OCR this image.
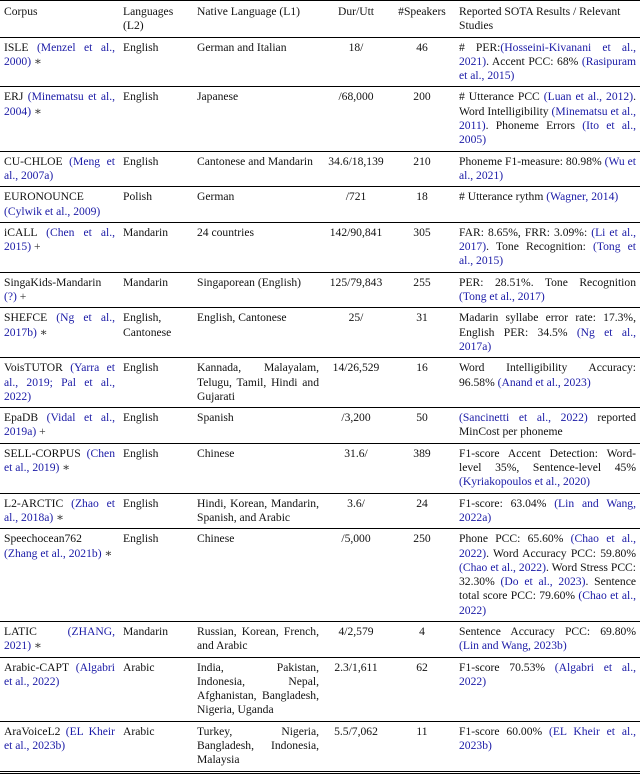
Corpus	Languages (L2)	Native Language (L1)	Dur/Utt	#Speakers	Reported SOTA Results / Relevant Studies
ISLE (Menzel et al., 2000) ∗	English	German and Italian	18/	46	# PER:(Hosseini-Kivanani et al., 2021). Accent PCC: 68% (Rasipuram et al., 2015)
ERJ (Minematsu et al., 2004) ∗	English	Japanese	/68,000	200	# Utterance PCC (Luan et al., 2012). Word Intelligibility (Minematsu et al., 2011). Phoneme Errors (Ito et al., 2005)
CU-CHLOE (Meng et al., 2007a)	English	Cantonese and Mandarin	34.6/18,139	210	Phoneme F1-measure: 80.98% (Wu et al., 2021)
EURONOUNCE (Cylwik et al., 2009)	Polish	German	/721	18	# Utterance rythm (Wagner, 2014)
iCALL (Chen et al., 2015) +	Mandarin	24 countries	142/90,841	305	FAR: 8.65%, FRR: 3.09%: (Li et al., 2017). Tone Recognition: (Tong et al., 2015)
SingaKids-Mandarin (?) +	Mandarin	Singaporean (English)	125/79,843	255	PER: 28.51%. Tone Recognition (Tong et al., 2017)
SHEFCE (Ng et al., 2017b) ∗	English, Cantonese	English, Cantonese	25/	31	Madarin syllabe error rate: 17.3%, English PER: 34.5% (Ng et al., 2017a)
VoisTUTOR (Yarra et al., 2019; Pal et al., 2022)	English	Kannada, Malayalam, Telugu, Tamil, Hindi and Gujarati	14/26,529	16	Word Intelligibility Accuracy: 96.58% (Anand et al., 2023)
EpaDB (Vidal et al., 2019a) +	English	Spanish	/3,200	50	(Sancinetti et al., 2022) reported MinCost per phoneme
SELL-CORPUS (Chen et al., 2019) ∗	English	Chinese	31.6/	389	F1-score Accent Detection: Word-level 35%, Sentence-level 45% (Kyriakopoulos et al., 2020)
L2-ARCTIC (Zhao et al., 2018a) ∗	English	Hindi, Korean, Mandarin, Spanish, and Arabic	3.6/	24	F1-score: 63.04% (Lin and Wang, 2022a)
Speechocean762 (Zhang et al., 2021b) ∗	English	Chinese	/5,000	250	Phone PCC: 65.60% (Chao et al., 2022). Word Accuracy PCC: 59.80% (Chao et al., 2022). Word Stress PCC: 32.30% (Do et al., 2023). Sentence total score PCC: 79.60% (Chao et al., 2022)
LATIC (ZHANG, 2021) ∗	Mandarin	Russian, Korean, French, and Arabic	4/2,579	4	Sentence Accuracy PCC: 69.80% (Lin and Wang, 2023b)
Arabic-CAPT (Algabri et al., 2022)	Arabic	India, Pakistan, Indonesia, Nepal, Afghanistan, Bangladesh, Nigeria, Uganda	2.3/1,611	62	F1-score 70.53% (Algabri et al., 2022)
AraVoiceL2 (EL Kheir et al., 2023b)	Arabic	Turkey, Nigeria, Bangladesh, Indonesia, Malaysia	5.5/7,062	11	F1-score 60.00% (EL Kheir et al., 2023b)
